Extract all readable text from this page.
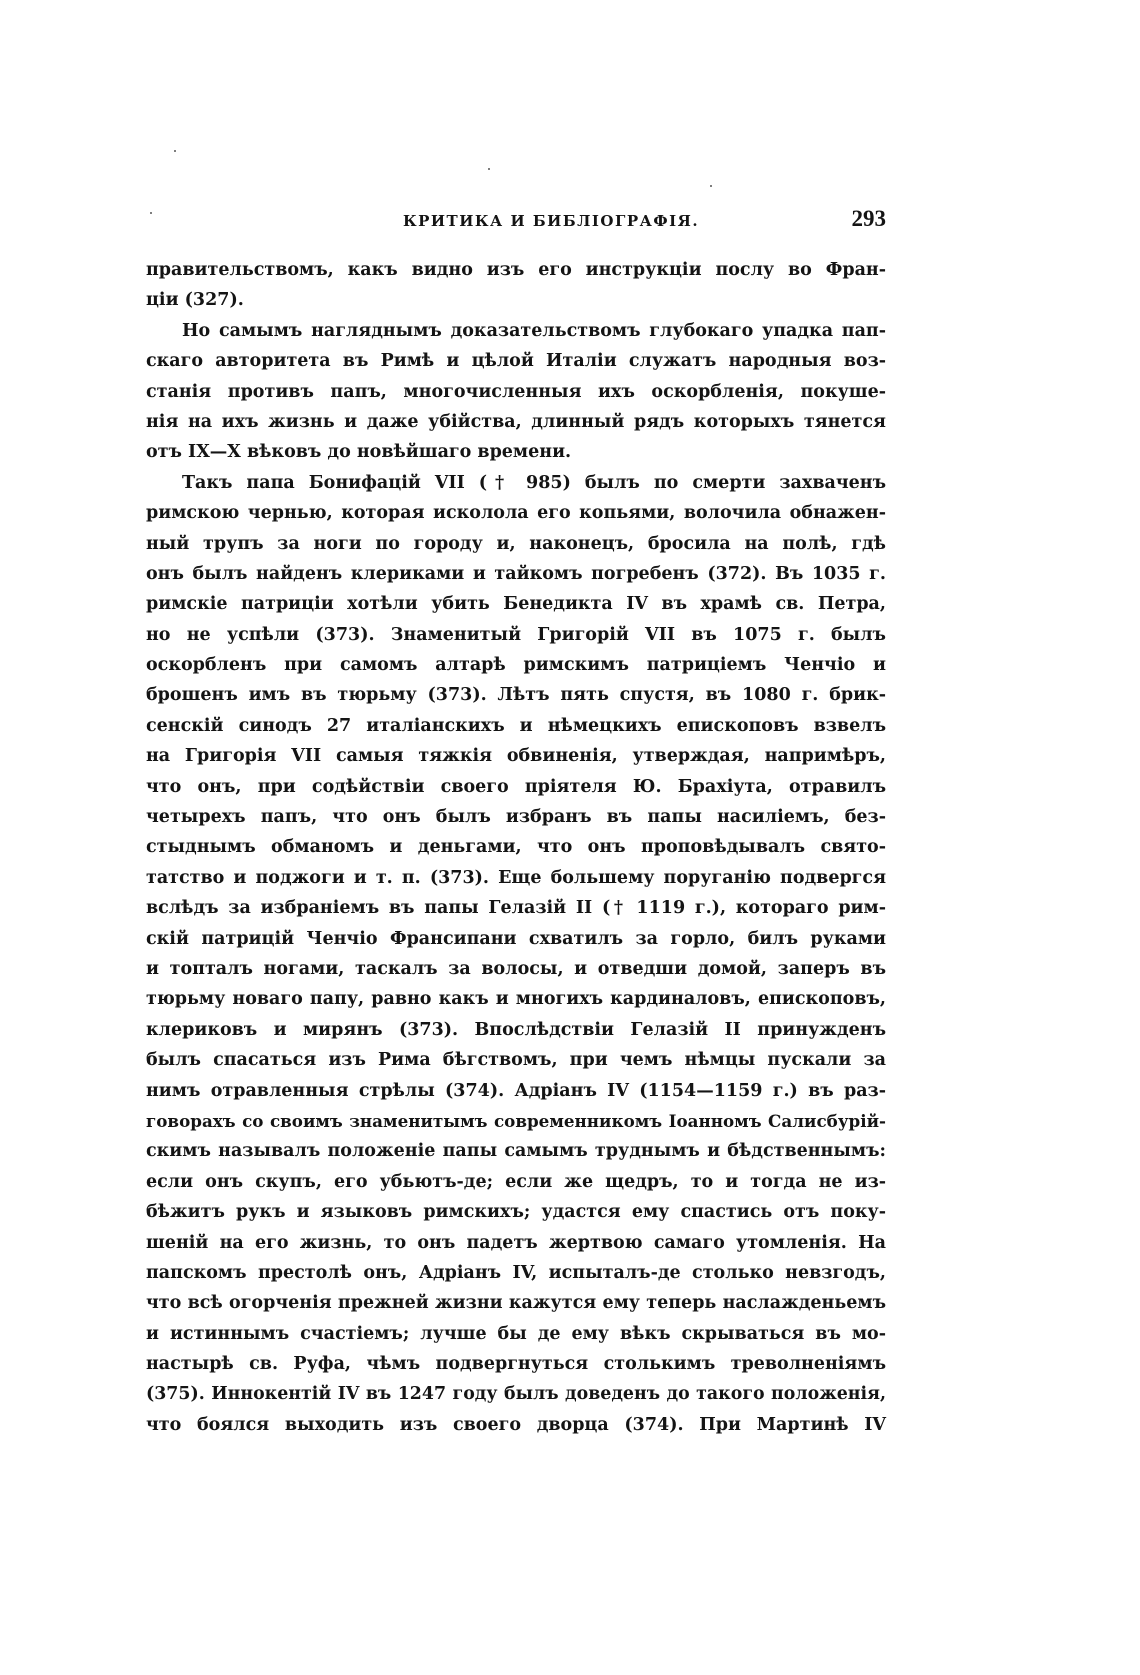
КРИТИКА И БИБЛІОГРАФІЯ.	293
правительствомъ, какъ видно изъ его инструкціи послу во Фран-
ціи (327).
Но самымъ нагляднымъ доказательствомъ глубокаго упадка пап-
скаго авторитета въ Римѣ и цѣлой Италіи служатъ народныя воз-
станія противъ папъ, многочисленныя ихъ оскорбленія, покуше-
нія на ихъ жизнь и даже убійства, длинный рядъ которыхъ тянется
отъ IX—X вѣковъ до новѣйшаго времени.
Такъ папа Бонифацій VII († 985) былъ по смерти захваченъ
римскою чернью, которая исколола его копьями, волочила обнажен-
ный трупъ за ноги по городу и, наконецъ, бросила на полѣ, гдѣ
онъ былъ найденъ клериками и тайкомъ погребенъ (372). Въ 1035 г.
римскіе патриціи хотѣли убить Бенедикта IV въ храмѣ св. Петра,
но не успѣли (373). Знаменитый Григорій VII въ 1075 г. былъ
оскорбленъ при самомъ алтарѣ римскимъ патриціемъ Ченчіо и
брошенъ имъ въ тюрьму (373). Лѣтъ пять спустя, въ 1080 г. брик-
сенскій синодъ 27 италіанскихъ и нѣмецкихъ епископовъ взвелъ
на Григорія VII самыя тяжкія обвиненія, утверждая, напримѣръ,
что онъ, при содѣйствіи своего пріятеля Ю. Брахіута, отравилъ
четырехъ папъ, что онъ былъ избранъ въ папы насиліемъ, без-
стыднымъ обманомъ и деньгами, что онъ проповѣдывалъ свято-
татство и поджоги и т. п. (373). Еще большему поруганію подвергся
вслѣдъ за избраніемъ въ папы Гелазій II († 1119 г.), котораго рим-
скій патрицій Ченчіо Франсипани схватилъ за горло, билъ руками
и топталъ ногами, таскалъ за волосы, и отведши домой, заперъ въ
тюрьму новаго папу, равно какъ и многихъ кардиналовъ, епископовъ,
клериковъ и мирянъ (373). Впослѣдствіи Гелазій II принужденъ
былъ спасаться изъ Рима бѣгствомъ, при чемъ нѣмцы пускали за
нимъ отравленныя стрѣлы (374). Адріанъ IV (1154—1159 г.) въ раз-
говорахъ со своимъ знаменитымъ современникомъ Іоанномъ Салисбурій-
скимъ называлъ положеніе папы самымъ труднымъ и бѣдственнымъ:
если онъ скупъ, его убьютъ-де; если же щедръ, то и тогда не из-
бѣжитъ рукъ и языковъ римскихъ; удастся ему спастись отъ поку-
шеній на его жизнь, то онъ падетъ жертвою самаго утомленія. На
папскомъ престолѣ онъ, Адріанъ IV, испыталъ-де столько невзгодъ,
что всѣ огорченія прежней жизни кажутся ему теперь наслажденьемъ
и истиннымъ счастіемъ; лучше бы де ему вѣкъ скрываться въ мо-
настырѣ св. Руфа, чѣмъ подвергнуться столькимъ треволненіямъ
(375). Иннокентій IV въ 1247 году былъ доведенъ до такого положенія,
что боялся выходить изъ своего дворца (374). При Мартинѣ IV
